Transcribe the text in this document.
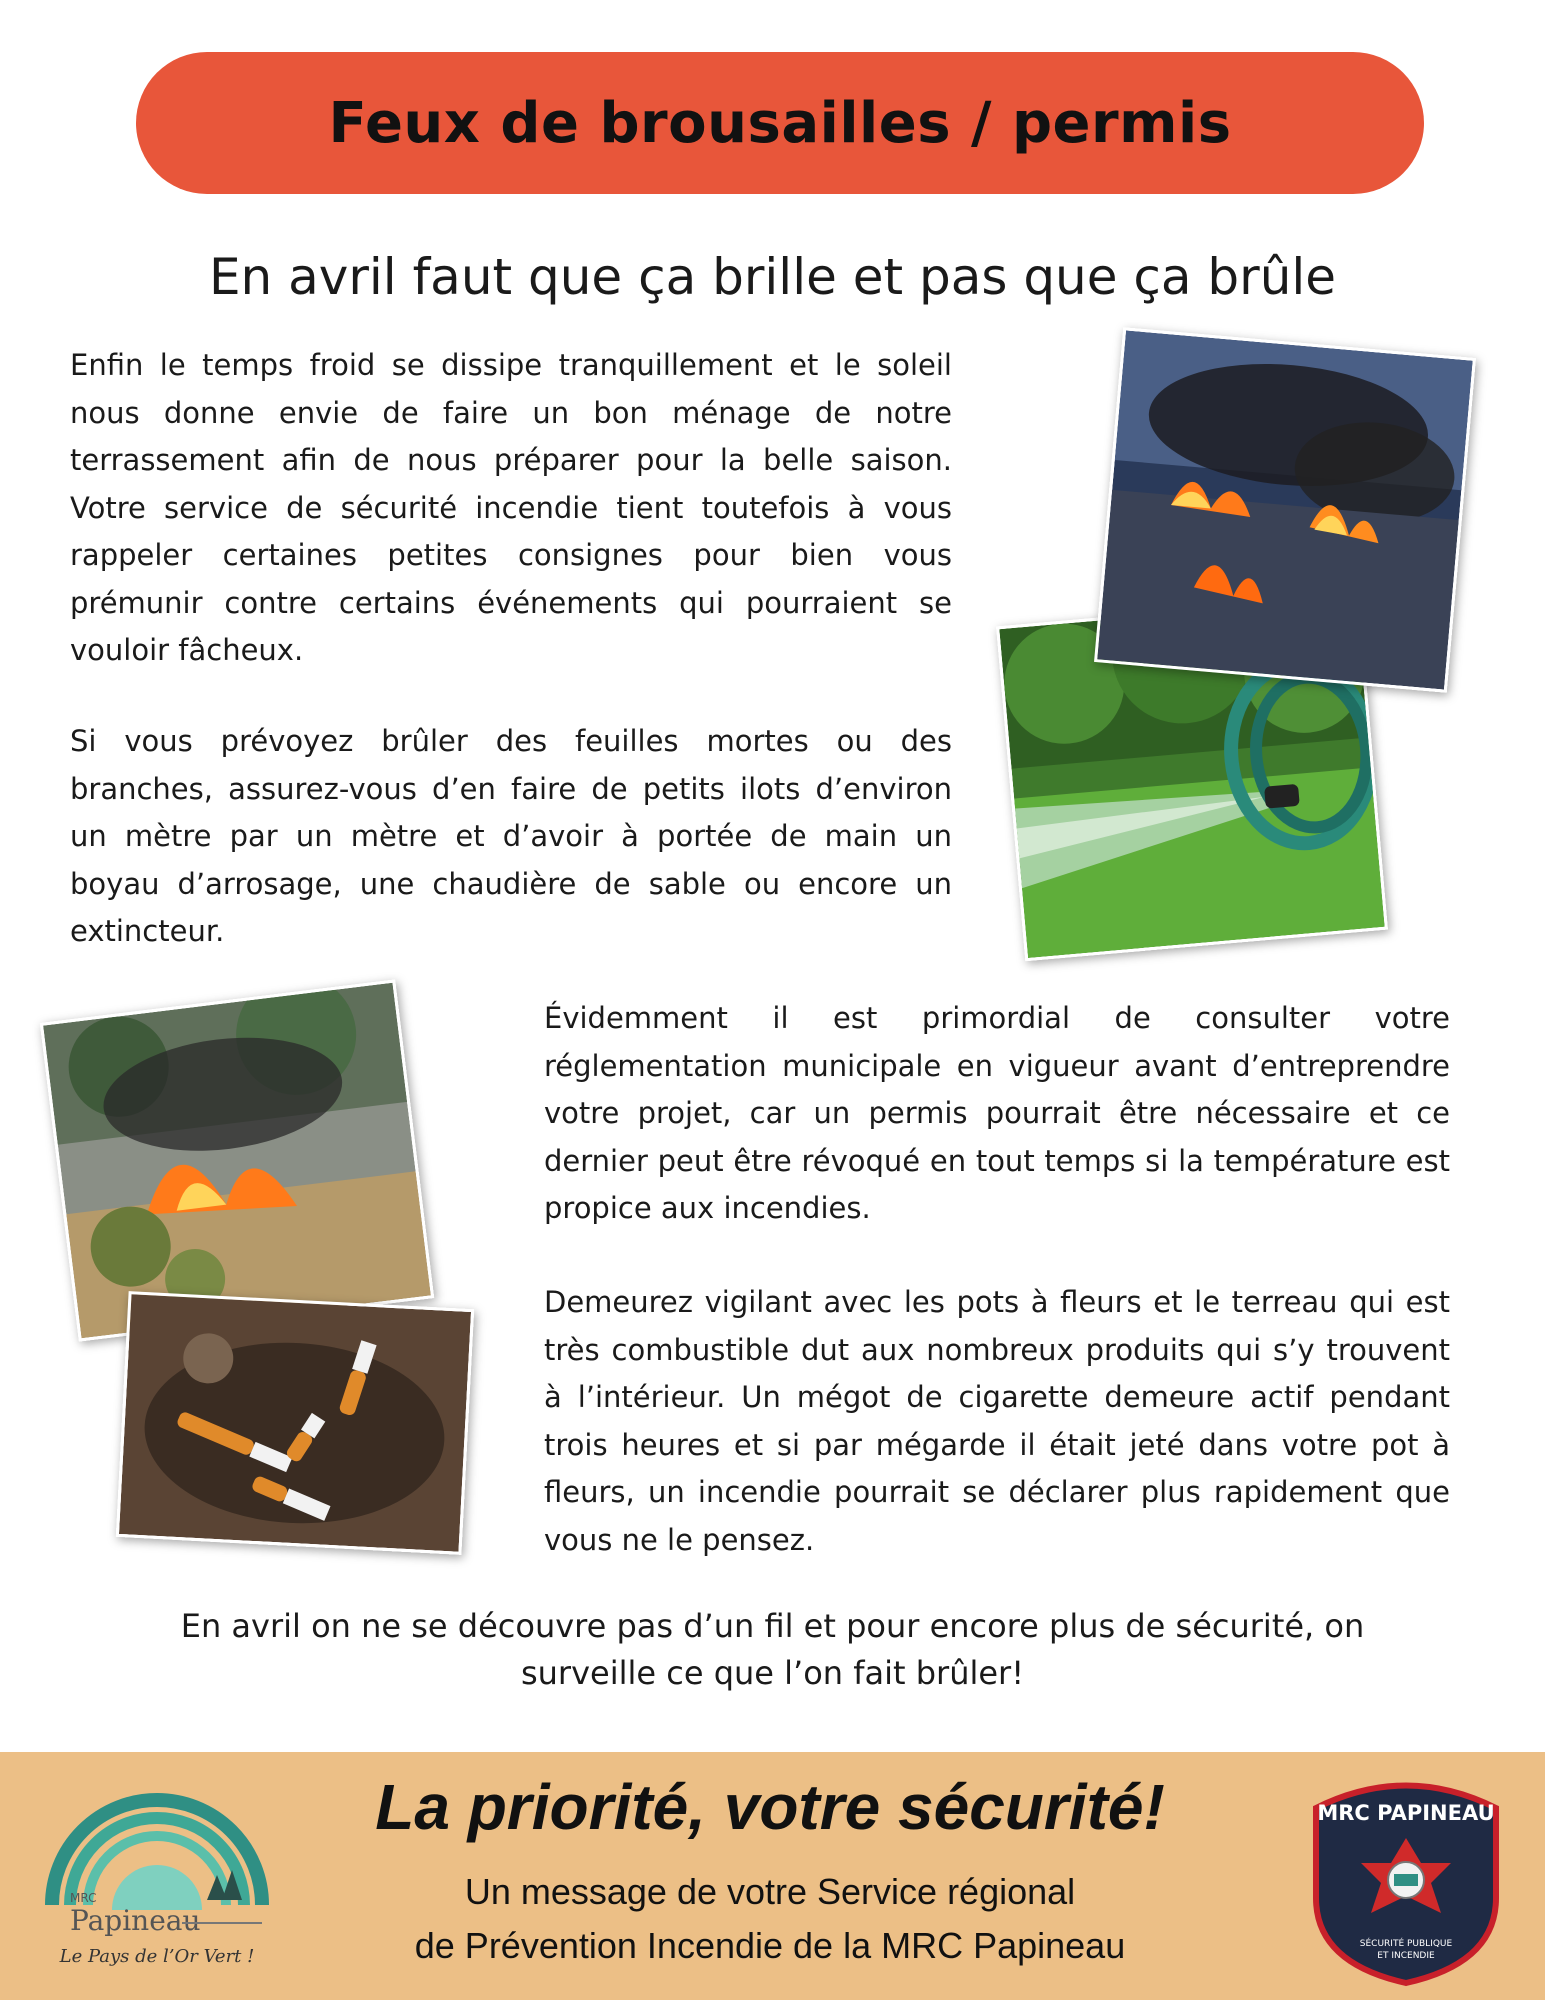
Feux de brousailles / permis
En avril faut que ça brille et pas que ça brûle

Enfin le temps froid se dissipe tranquillement et le soleil nous donne envie de faire un bon ménage de notre terrassement afin de nous préparer pour la belle saison. Votre service de sécurité incendie tient toutefois à vous rappeler certaines petites consignes pour bien vous prémunir contre certains événements qui pourraient se vouloir fâcheux.

Si vous prévoyez brûler des feuilles mortes ou des branches, assurez-vous d’en faire de petits ilots d’environ un mètre par un mètre et d’avoir à portée de main un boyau d’arrosage, une chaudière de sable ou encore un extincteur.

Évidemment il est primordial de consulter votre réglementation municipale en vigueur avant d’entreprendre votre projet, car un permis pourrait être nécessaire et ce dernier peut être révoqué en tout temps si la température est propice aux incendies.

Demeurez vigilant avec les pots à fleurs et le terreau qui est très combustible dut aux nombreux produits qui s’y trouvent à l’intérieur. Un mégot de cigarette demeure actif pendant trois heures et si par mégarde il était jeté dans votre pot à fleurs, un incendie pourrait se déclarer plus rapidement que vous ne le pensez.

En avril on ne se découvre pas d’un fil et pour encore plus de sécurité, on surveille ce que l’on fait brûler!

MRC
Papineau
Le Pays de l’Or Vert !
La priorité, votre sécurité!

Un message de votre Service régional
de Prévention Incendie de la MRC Papineau

MRC PAPINEAU
SÉCURITÉ PUBLIQUE
ET INCENDIE
